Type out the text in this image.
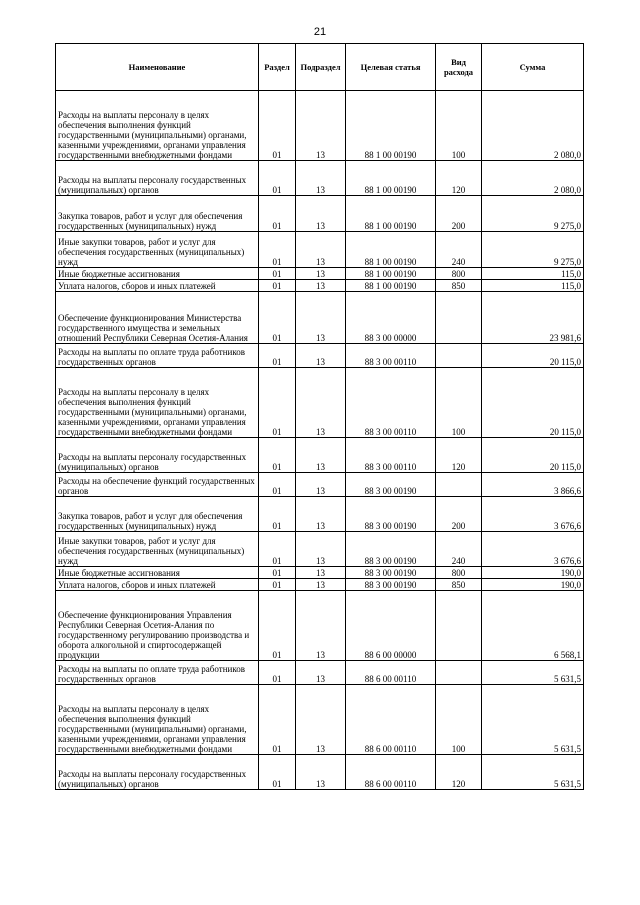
21
Наименование	Раздел	Подраздел	Целевая статья	Вид расхода	Сумма
Расходы на выплаты персоналу в целях обеспечения выполнения функций государственными (муниципальными) органами, казенными учреждениями, органами управления государственными внебюджетными фондами	01	13	88 1 00 00190	100	2 080,0
Расходы на выплаты персоналу государственных (муниципальных) органов	01	13	88 1 00 00190	120	2 080,0
Закупка товаров, работ и услуг для обеспечения государственных (муниципальных) нужд	01	13	88 1 00 00190	200	9 275,0
Иные закупки товаров, работ и услуг для обеспечения государственных (муниципальных) нужд	01	13	88 1 00 00190	240	9 275,0
Иные бюджетные ассигнования	01	13	88 1 00 00190	800	115,0
Уплата налогов, сборов и иных платежей	01	13	88 1 00 00190	850	115,0
Обеспечение функционирования Министерства государственного имущества и земельных отношений Республики Северная Осетия-Алания	01	13	88 3 00 00000		23 981,6
Расходы на выплаты по оплате труда работников государственных органов	01	13	88 3 00 00110		20 115,0
Расходы на выплаты персоналу в целях обеспечения выполнения функций государственными (муниципальными) органами, казенными учреждениями, органами управления государственными внебюджетными фондами	01	13	88 3 00 00110	100	20 115,0
Расходы на выплаты персоналу государственных (муниципальных) органов	01	13	88 3 00 00110	120	20 115,0
Расходы на обеспечение функций государственных органов	01	13	88 3 00 00190		3 866,6
Закупка товаров, работ и услуг для обеспечения государственных (муниципальных) нужд	01	13	88 3 00 00190	200	3 676,6
Иные закупки товаров, работ и услуг для обеспечения государственных (муниципальных) нужд	01	13	88 3 00 00190	240	3 676,6
Иные бюджетные ассигнования	01	13	88 3 00 00190	800	190,0
Уплата налогов, сборов и иных платежей	01	13	88 3 00 00190	850	190,0
Обеспечение функционирования Управления Республики Северная Осетия-Алания по государственному регулированию производства и оборота алкогольной и спиртосодержащей продукции	01	13	88 6 00 00000		6 568,1
Расходы на выплаты по оплате труда работников государственных органов	01	13	88 6 00 00110		5 631,5
Расходы на выплаты персоналу в целях обеспечения выполнения функций государственными (муниципальными) органами, казенными учреждениями, органами управления государственными внебюджетными фондами	01	13	88 6 00 00110	100	5 631,5
Расходы на выплаты персоналу государственных (муниципальных) органов	01	13	88 6 00 00110	120	5 631,5
